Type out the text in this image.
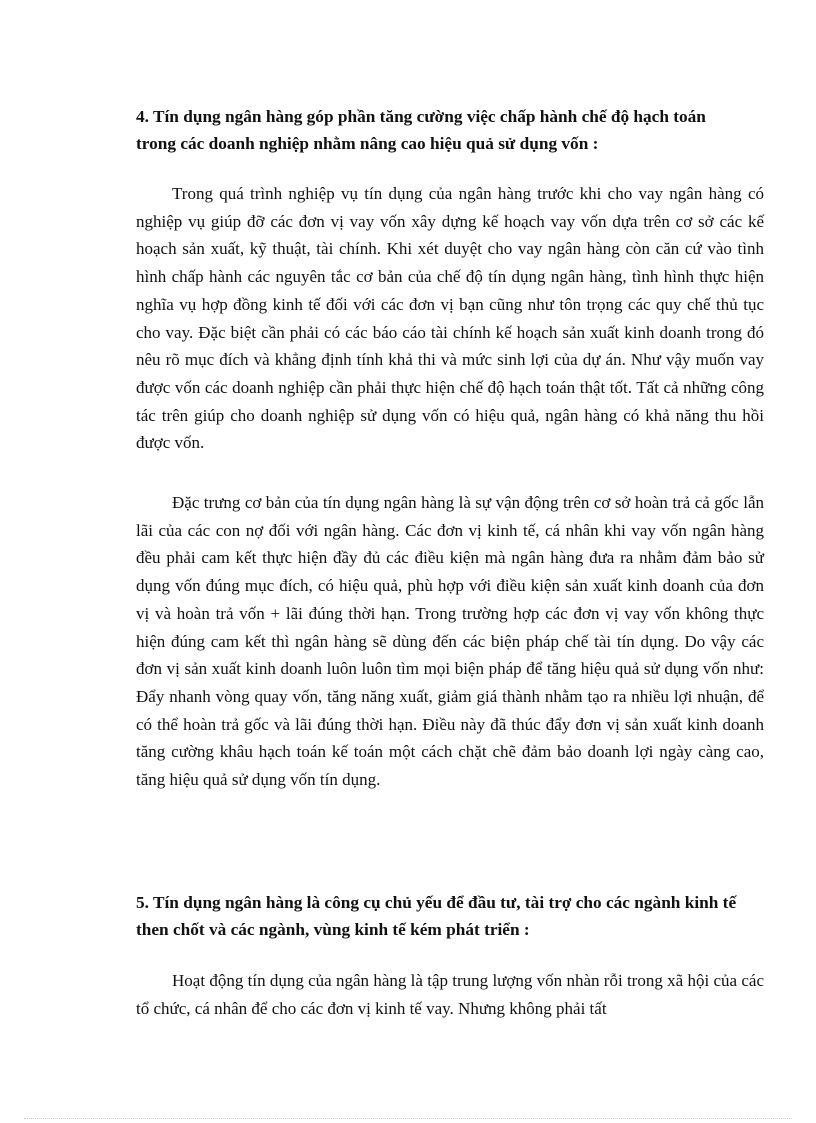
4. Tín dụng ngân hàng góp phần tăng cường việc chấp hành chế độ hạch toán trong các doanh nghiệp nhằm nâng cao hiệu quả sử dụng vốn :

Trong quá trình nghiệp vụ tín dụng của ngân hàng trước khi cho vay ngân hàng có nghiệp vụ giúp đỡ các đơn vị vay vốn xây dựng kế hoạch vay vốn dựa trên cơ sở các kế hoạch sản xuất, kỹ thuật, tài chính. Khi xét duyệt cho vay ngân hàng còn căn cứ vào tình hình chấp hành các nguyên tắc cơ bản của chế độ tín dụng ngân hàng, tình hình thực hiện nghĩa vụ hợp đồng kinh tế đối với các đơn vị bạn cũng như tôn trọng các quy chế thủ tục cho vay. Đặc biệt cần phải có các báo cáo tài chính kế hoạch sản xuất kinh doanh trong đó nêu rõ mục đích và khẳng định tính khả thi và mức sinh lợi của dự án. Như vậy muốn vay được vốn các doanh nghiệp cần phải thực hiện chế độ hạch toán thật tốt. Tất cả những công tác trên giúp cho doanh nghiệp sử dụng vốn có hiệu quả, ngân hàng có khả năng thu hồi được vốn.

Đặc trưng cơ bản của tín dụng ngân hàng là sự vận động trên cơ sở hoàn trả cả gốc lẫn lãi của các con nợ đối với ngân hàng. Các đơn vị kinh tế, cá nhân khi vay vốn ngân hàng đều phải cam kết thực hiện đầy đủ các điều kiện mà ngân hàng đưa ra nhằm đảm bảo sử dụng vốn đúng mục đích, có hiệu quả, phù hợp với điều kiện sản xuất kinh doanh của đơn vị và hoàn trả vốn + lãi đúng thời hạn. Trong trường hợp các đơn vị vay vốn không thực hiện đúng cam kết thì ngân hàng sẽ dùng đến các biện pháp chế tài tín dụng. Do vậy các đơn vị sản xuất kinh doanh luôn luôn tìm mọi biện pháp để tăng hiệu quả sử dụng vốn như: Đẩy nhanh vòng quay vốn, tăng năng xuất, giảm giá thành nhằm tạo ra nhiều lợi nhuận, để có thể hoàn trả gốc và lãi đúng thời hạn. Điều này đã thúc đẩy đơn vị sản xuất kinh doanh tăng cường khâu hạch toán kế toán một cách chặt chẽ đảm bảo doanh lợi ngày càng cao, tăng hiệu quả sử dụng vốn tín dụng.

5. Tín dụng ngân hàng là công cụ chủ yếu để đầu tư, tài trợ cho các ngành kinh tế then chốt và các ngành, vùng kinh tế kém phát triển :

Hoạt động tín dụng của ngân hàng là tập trung lượng vốn nhàn rỗi trong xã hội của các tổ chức, cá nhân để cho các đơn vị kinh tế vay. Nhưng không phải tất
